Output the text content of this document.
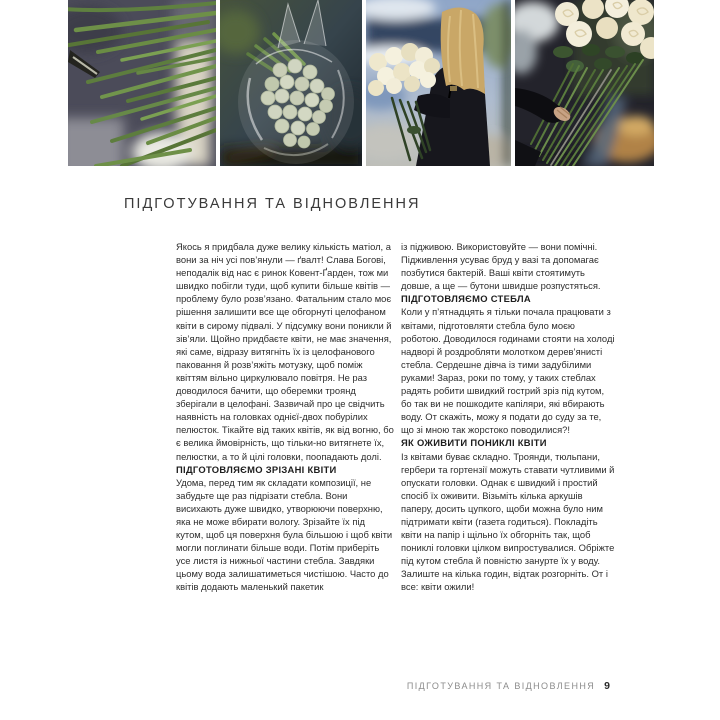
ПІДГОТУВАННЯ ТА ВІДНОВЛЕННЯ

Якось я придбала дуже велику кількість матіол, а вони за ніч усі пов’янули — ґвалт! Слава Богові, неподалік від нас є ринок Ковент-Ґарден, тож ми швидко побігли туди, щоб купити більше квітів — проблему було розв’язано. Фатальним стало моє рішення залишити все ще обгорнуті целофаном квіти в сирому підвалі. У підсумку вони поникли й зів’яли. Щойно придбаєте квіти, не має значення, які саме, відразу витягніть їх із целофанового паковання й розв’яжіть мотузку, щоб поміж квіттям вільно циркулювало повітря. Не раз доводилося бачити, що оберемки троянд зберігали в целофані. Зазвичай про це свідчить наявність на головках однієї-двох побурілих пелюсток. Тікайте від таких квітів, як від вогню, бо є велика ймовірність, що тільки-но витягнете їх, пелюстки, а то й цілі головки, поопадають долі.

ПІДГОТОВЛЯЄМО ЗРІЗАНІ КВІТИ

Удома, перед тим як складати композиції, не забудьте ще раз підрізати стебла. Вони висихають дуже швидко, утворюючи поверхню, яка не може вбирати вологу. Зрізайте їх під кутом, щоб ця поверхня була більшою і щоб квіти могли поглинати більше води. Потім приберіть усе листя із нижньої частини стебла. Завдяки цьому вода залишатиметься чистішою. Часто до квітів додають маленький пакетик

із підживою. Використовуйте — вони помічні. Підживлення усуває бруд у вазі та допомагає позбутися бактерій. Ваші квіти стоятимуть довше, а ще — бутони швидше розпустяться.

ПІДГОТОВЛЯЄМО СТЕБЛА

Коли у п’ятнадцять я тільки почала працювати з квітами, підготовляти стебла було моєю роботою. Доводилося годинами стояти на холоді надворі й роздробляти молотком дерев’янисті стебла. Сердешне дівча із тими задубілими руками! Зараз, роки по тому, у таких стеблах радять робити швидкий гострий зріз під кутом, бо так ви не пошкодите капіляри, які вбирають воду. От скажіть, можу я подати до суду за те, що зі мною так жорстоко поводилися?!

ЯК ОЖИВИТИ ПОНИКЛІ КВІТИ

Із квітами буває складно. Троянди, тюльпани, гербери та гортензії можуть ставати чутливими й опускати головки. Однак є швидкий і простий спосіб їх оживити. Візьміть кілька аркушів паперу, досить цупкого, щоби можна було ним підтримати квіти (газета годиться). Покладіть квіти на папір і щільно їх обгорніть так, щоб пониклі головки цілком випростувалися. Обріжте під кутом стебла й повністю занурте їх у воду. Залиште на кілька годин, відтак розгорніть. От і все: квіти ожили!

ПІДГОТУВАННЯ ТА ВІДНОВЛЕННЯ 9
